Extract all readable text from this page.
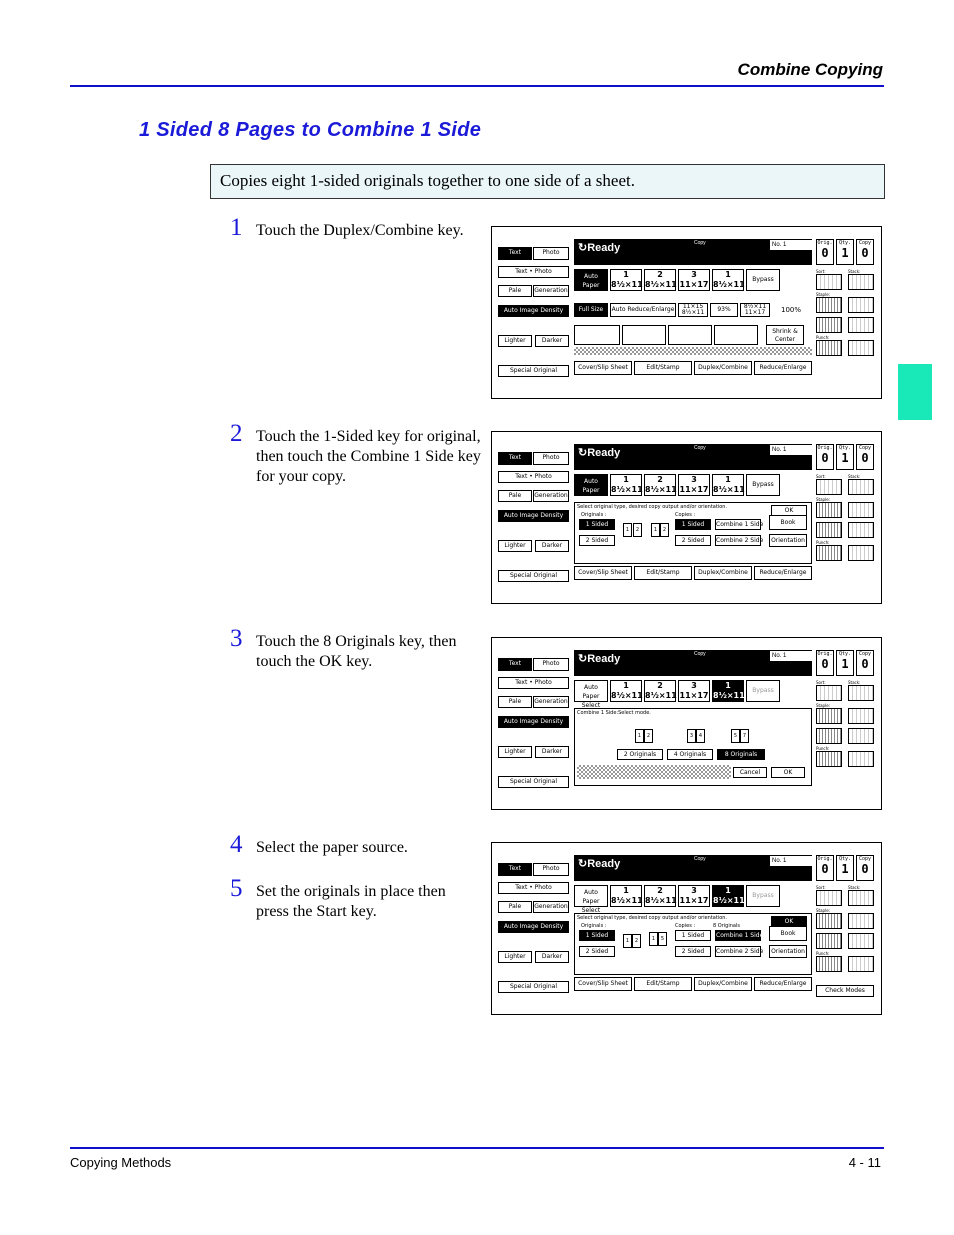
Combine Copying
1 Sided 8 Pages to Combine 1 Side
Copies eight 1-sided originals together to one side of a sheet.
1 Touch the Duplex/Combine key.
2 Touch the 1-Sided key for original, then touch the Combine 1 Side key for your copy.
3 Touch the 8 Originals key, then touch the OK key.
4 Select the paper source.
5 Set the originals in place then press the Start key.
Text	Photo
Text • Photo
Pale	Generation
Auto Image Density
Lighter	Darker
Special Original
↻Ready	Copy	No. 1	Orig.
0
Qty.
1
Copy
0
Auto Paper Select
1
8½×11
2
8½×11
3
11×17
1
8½×11
Bypass
Full Size	Auto Reduce/Enlarge	11×15 8½×11	93%	8½×11 11×17	100%
Shrink & Center
Cover/Slip Sheet	Edit/Stamp	Duplex/Combine	Reduce/Enlarge
Sort:	Stack:
Staple:
Punch:
Text	Photo
Text • Photo
Pale	Generation
Auto Image Density
Lighter	Darker
Special Original
↻Ready	Copy	No. 1	Orig.
0
Qty.
1
Copy
0
Auto Paper Select
1
8½×11
2
8½×11
3
11×17
1
8½×11
Bypass
Select original type, desired copy output and/or orientation.	OK
Originals :	Copies :
1 Sided
2 Sided
1	2	1	2
1 Sided
2 Sided
Combine 1 Side
Combine 2 Side
Book
Orientation
Cover/Slip Sheet	Edit/Stamp	Duplex/Combine	Reduce/Enlarge
Sort:	Stack:
Staple:
Punch:
Text	Photo
Text • Photo
Pale	Generation
Auto Image Density
Lighter	Darker
Special Original
↻Ready	Copy	No. 1	Orig.
0
Qty.
1
Copy
0
Auto Paper Select
1
8½×11
2
8½×11
3
11×17
1
8½×11
Bypass
Combine 1 Side:Select mode.
1	2	3	4	5	7
2 Originals	4 Originals	8 Originals
Cancel	OK
Sort:	Stack:
Staple:
Punch:
Text	Photo
Text • Photo
Pale	Generation
Auto Image Density
Lighter	Darker
Special Original
↻Ready	Copy	No. 1	Orig.
0
Qty.
1
Copy
0
Auto Paper Select
1
8½×11
2
8½×11
3
11×17
1
8½×11
Bypass
Select original type, desired copy output and/or orientation.	OK
Originals :	Copies :	8 Originals
1 Sided
2 Sided
1	2	1	5	1 Sided
2 Sided
Combine 1 Side
Combine 2 Side
Book
Orientation
Cover/Slip Sheet	Edit/Stamp	Duplex/Combine	Reduce/Enlarge
Sort:	Stack:
Staple:
Punch:
Check Modes
Copying Methods	4 - 11
